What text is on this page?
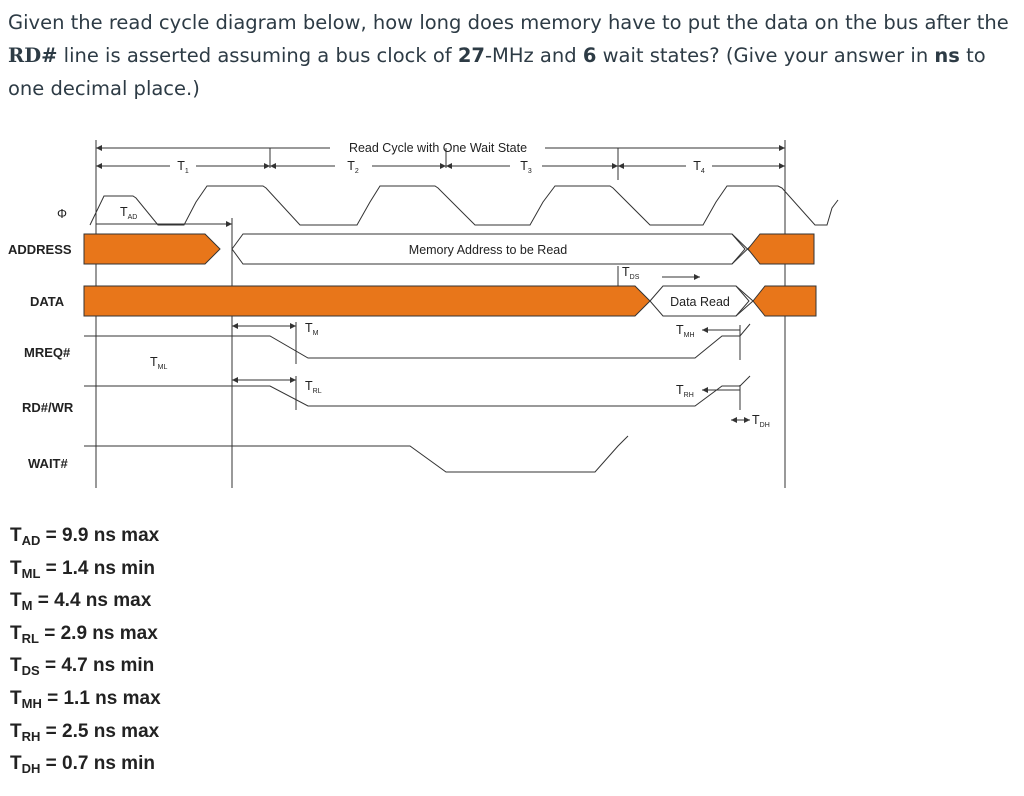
Given the read cycle diagram below, how long does memory have to put the data on the bus after the RD# line is asserted assuming a bus clock of 27-MHz and 6 wait states? (Give your answer in ns to one decimal place.)
Read Cycle with One Wait State
$T_1$	$T_2$	$T_3$	$T_4$
Φ
ADDRESS
DATA
MREQ#
RD#/WR
WAIT#
Memory Address to be Read
Data Read
$T_{AD}$
$T_{ML}$
$T_M$
$T_{RL}$
$T_{DS}$
$T_{MH}$
$T_{RH}$
$T_{DH}$
$T_{AD} = 9.9$ ns max
$T_{ML} = 1.4$ ns min
$T_M = 4.4$ ns max
$T_{RL} = 2.9$ ns max
$T_{DS} = 4.7$ ns min
$T_{MH} = 1.1$ ns max
$T_{RH} = 2.5$ ns max
$T_{DH} = 0.7$ ns min
